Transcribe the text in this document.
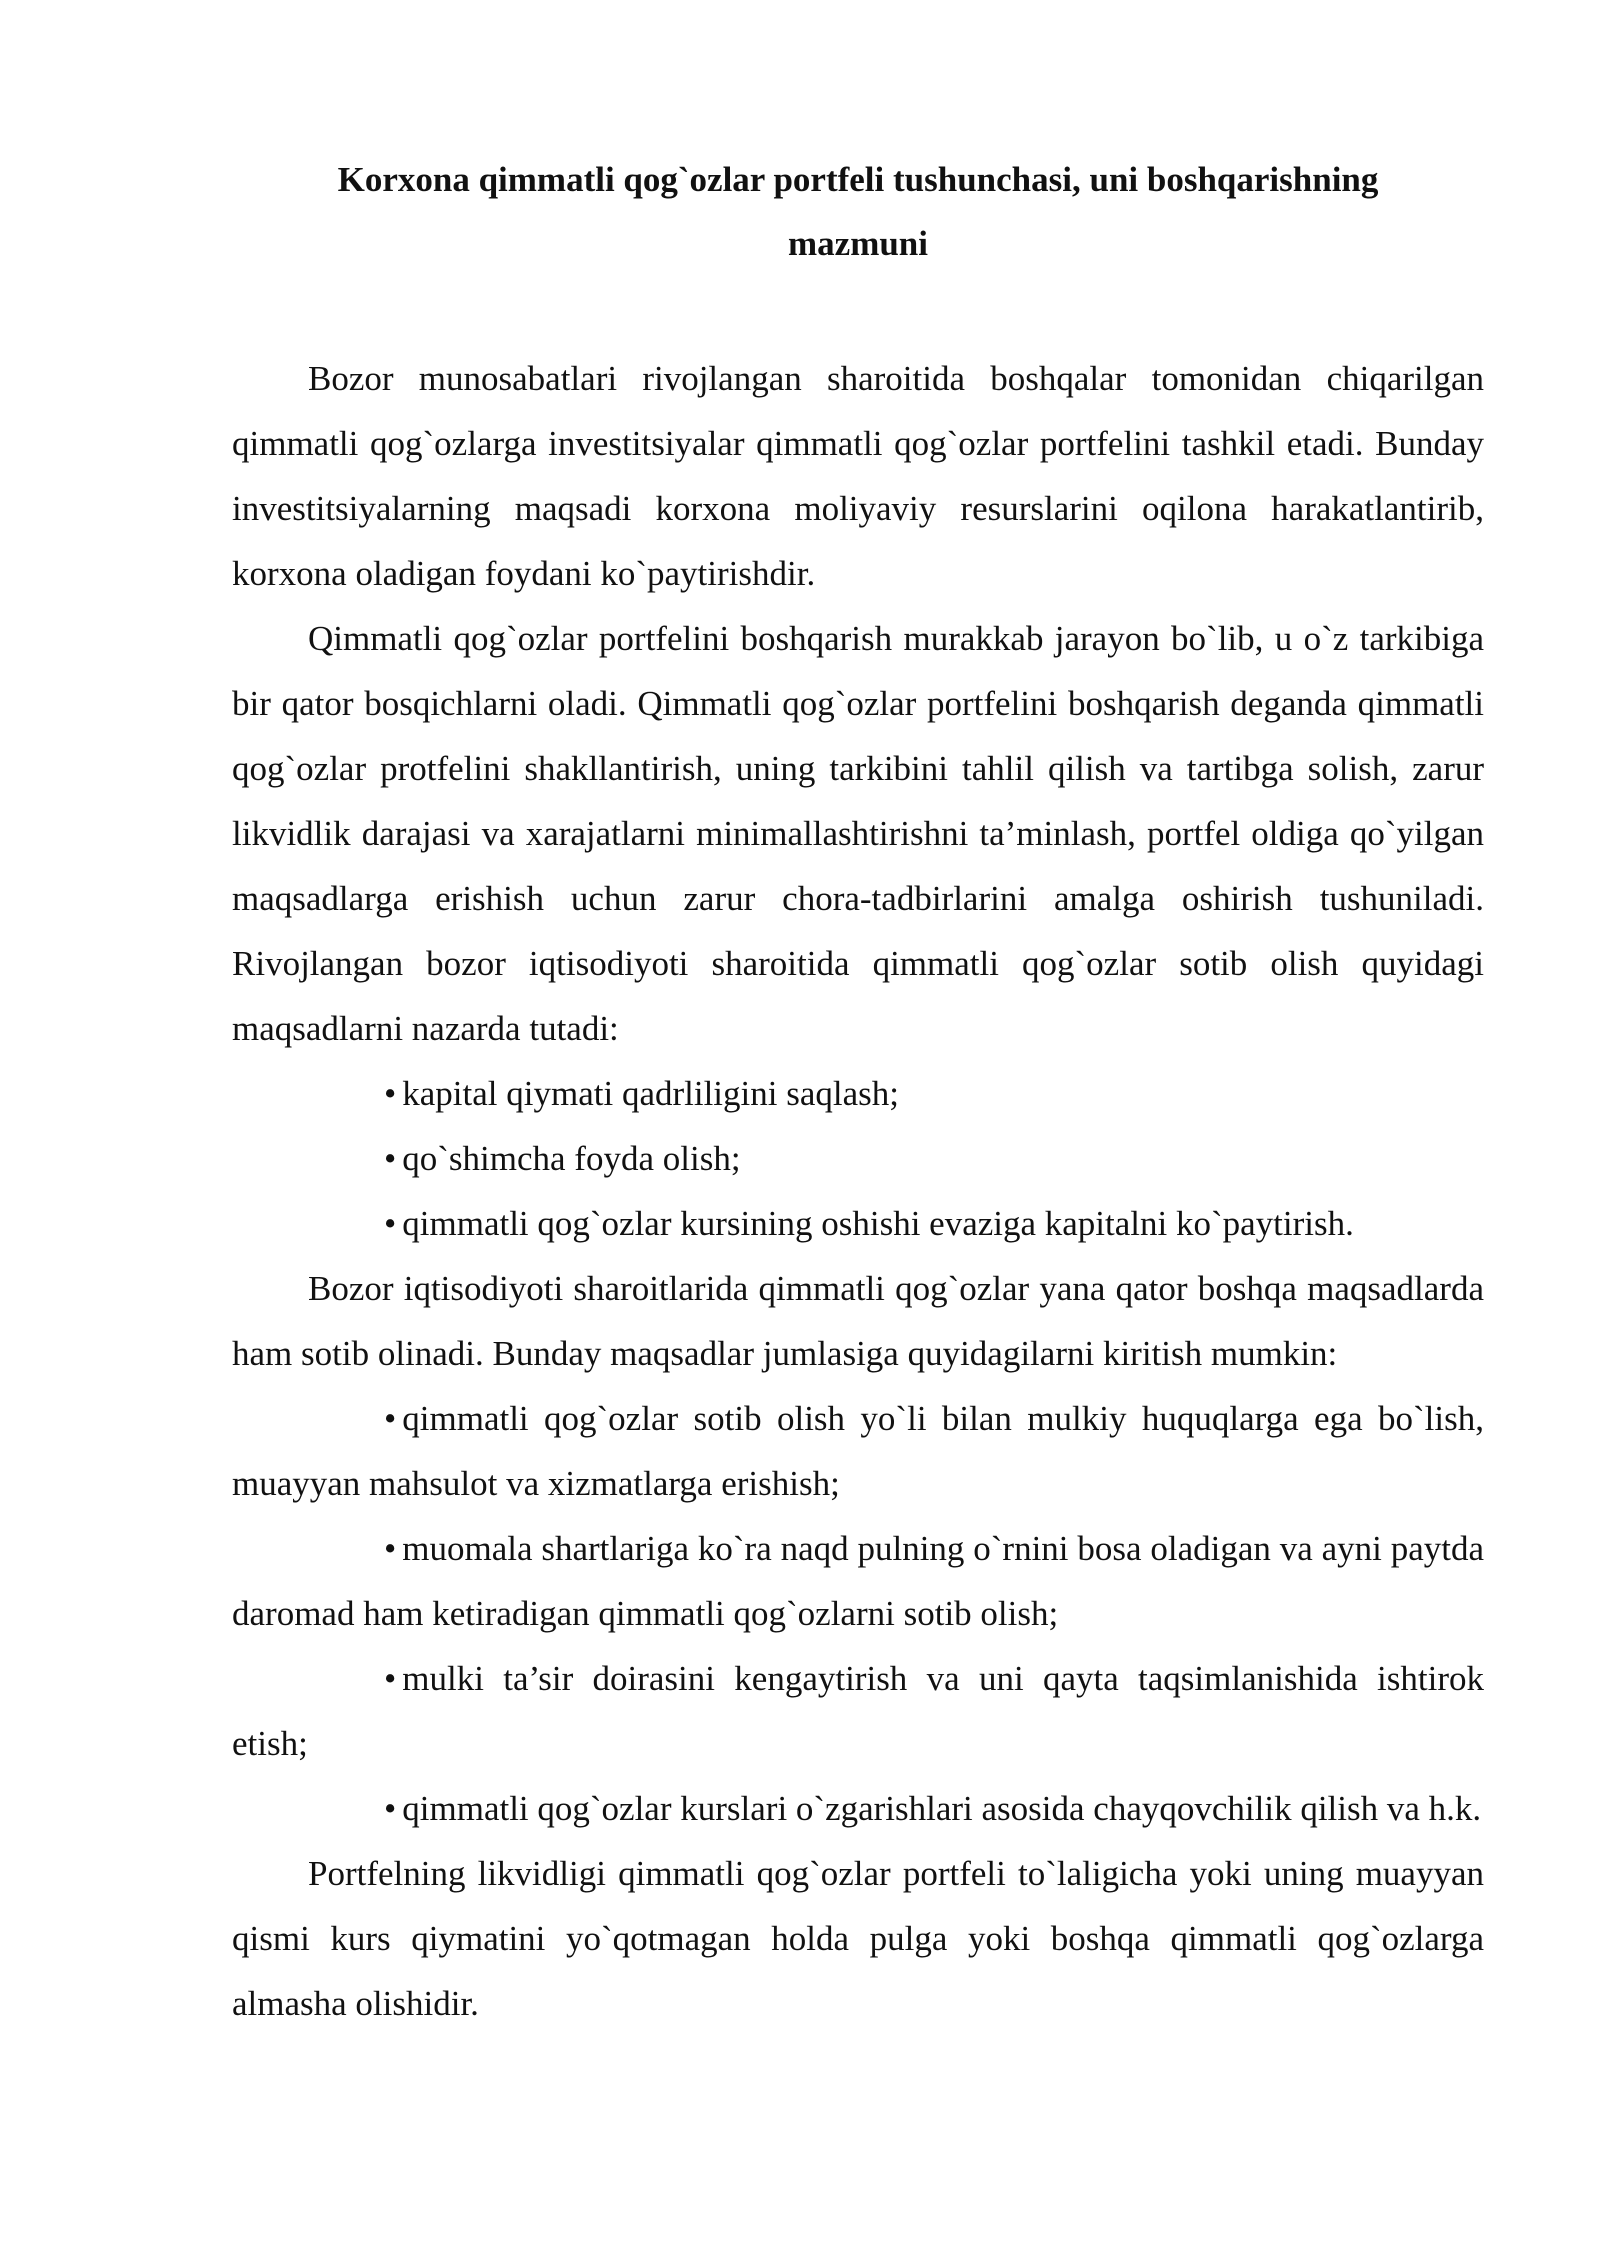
Korxona qimmatli qog`ozlar portfeli tushunchasi, uni boshqarishning
mazmuni

Bozor munosabatlari rivojlangan sharoitida boshqalar tomonidan chiqarilgan qimmatli qog`ozlarga investitsiyalar qimmatli qog`ozlar portfelini tashkil etadi. Bunday investitsiyalarning maqsadi korxona moliyaviy resurslarini oqilona harakatlantirib, korxona oladigan foydani ko`paytirishdir.

Qimmatli qog`ozlar portfelini boshqarish murakkab jarayon bo`lib, u o`z tarkibiga bir qator bosqichlarni oladi. Qimmatli qog`ozlar portfelini boshqarish deganda qimmatli qog`ozlar protfelini shakllantirish, uning tarkibini tahlil qilish va tartibga solish, zarur likvidlik darajasi va xarajatlarni minimallashtirishni ta’minlash, portfel oldiga qo`yilgan maqsadlarga erishish uchun zarur chora-tadbirlarini amalga oshirish tushuniladi. Rivojlangan bozor iqtisodiyoti sharoitida qimmatli qog`ozlar sotib olish quyidagi maqsadlarni nazarda tutadi:

• kapital qiymati qadrliligini saqlash;

• qo`shimcha foyda olish;

• qimmatli qog`ozlar kursining oshishi evaziga kapitalni ko`paytirish.

Bozor iqtisodiyoti sharoitlarida qimmatli qog`ozlar yana qator boshqa maqsadlarda ham sotib olinadi. Bunday maqsadlar jumlasiga quyidagilarni kiritish mumkin:

• qimmatli qog`ozlar sotib olish yo`li bilan mulkiy huquqlarga ega bo`lish, muayyan mahsulot va xizmatlarga erishish;

• muomala shartlariga ko`ra naqd pulning o`rnini bosa oladigan va ayni paytda daromad ham ketiradigan qimmatli qog`ozlarni sotib olish;

• mulki ta’sir doirasini kengaytirish va uni qayta taqsimlanishida ishtirok etish;

• qimmatli qog`ozlar kurslari o`zgarishlari asosida chayqovchilik qilish va h.k.

Portfelning likvidligi qimmatli qog`ozlar portfeli to`laligicha yoki uning muayyan qismi kurs qiymatini yo`qotmagan holda pulga yoki boshqa qimmatli qog`ozlarga almasha olishidir.
